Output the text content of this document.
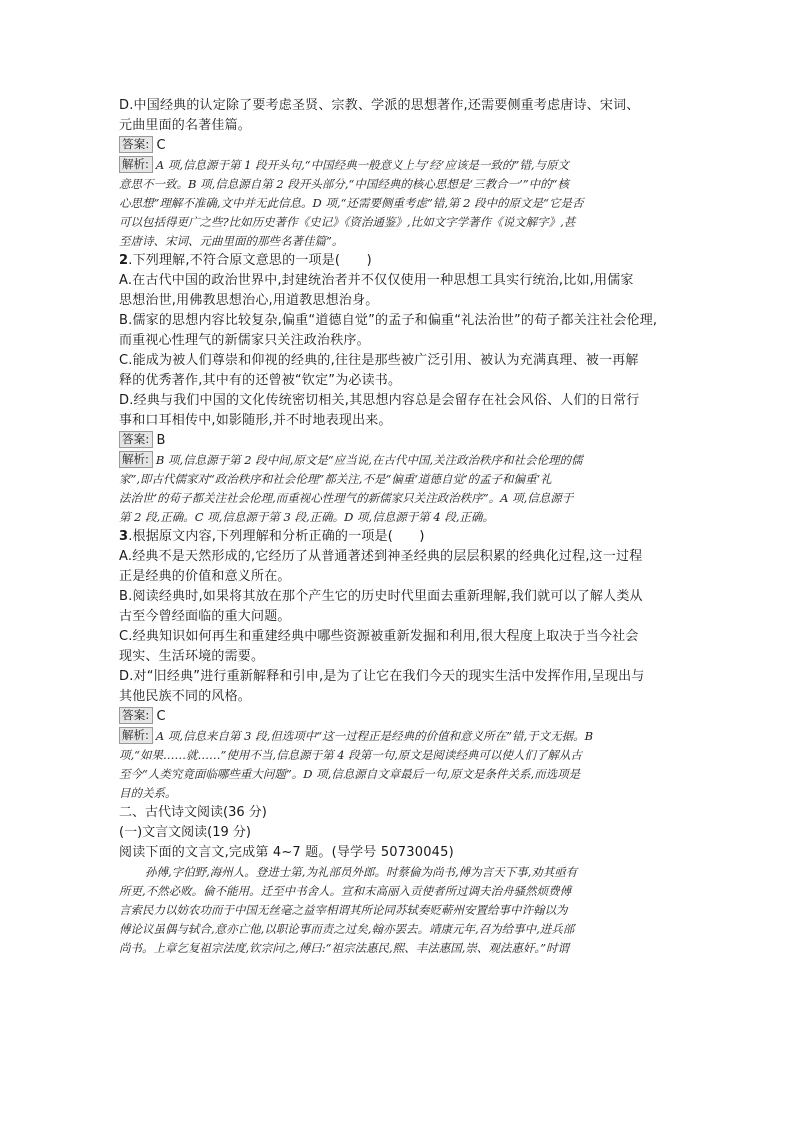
D.中国经典的认定除了要考虑圣贤、宗教、学派的思想著作,还需要侧重考虑唐诗、宋词、

元曲里面的名著佳篇。

答案: C

解析: A 项,信息源于第 1 段开头句,“中国经典一般意义上与‘经’应该是一致的”错,与原文

意思不一致。B 项,信息源自第 2 段开头部分,“中国经典的核心思想是‘三教合一’”中的“核

心思想”理解不准确,文中并无此信息。D 项,“还需要侧重考虑”错,第 2 段中的原文是“它是否

可以包括得更广之些?比如历史著作《史记》《资治通鉴》,比如文字学著作《说文解字》,甚

至唐诗、宋词、元曲里面的那些名著佳篇”。

2.下列理解,不符合原文意思的一项是(　　)

A.在古代中国的政治世界中,封建统治者并不仅仅使用一种思想工具实行统治,比如,用儒家

思想治世,用佛教思想治心,用道教思想治身。

B.儒家的思想内容比较复杂,偏重“道德自觉”的孟子和偏重“礼法治世”的荀子都关注社会伦理,

而重视心性理气的新儒家只关注政治秩序。

C.能成为被人们尊崇和仰视的经典的,往往是那些被广泛引用、被认为充满真理、被一再解

释的优秀著作,其中有的还曾被“钦定”为必读书。

D.经典与我们中国的文化传统密切相关,其思想内容总是会留存在社会风俗、人们的日常行

事和口耳相传中,如影随形,并不时地表现出来。

答案: B

解析: B 项,信息源于第 2 段中间,原文是“应当说,在古代中国,关注政治秩序和社会伦理的儒

家”,即古代儒家对“政治秩序和社会伦理”都关注,不是“偏重‘道德自觉’的孟子和偏重‘礼

法治世’的荀子都关注社会伦理,而重视心性理气的新儒家只关注政治秩序”。A 项,信息源于

第 2 段,正确。C 项,信息源于第 3 段,正确。D 项,信息源于第 4 段,正确。

3.根据原文内容,下列理解和分析正确的一项是(　　)

A.经典不是天然形成的,它经历了从普通著述到神圣经典的层层积累的经典化过程,这一过程

正是经典的价值和意义所在。

B.阅读经典时,如果将其放在那个产生它的历史时代里面去重新理解,我们就可以了解人类从

古至今曾经面临的重大问题。

C.经典知识如何再生和重建经典中哪些资源被重新发掘和利用,很大程度上取决于当今社会

现实、生活环境的需要。

D.对“旧经典”进行重新解释和引申,是为了让它在我们今天的现实生活中发挥作用,呈现出与

其他民族不同的风格。

答案: C

解析: A 项,信息来自第 3 段,但选项中“这一过程正是经典的价值和意义所在”错,于文无据。B

项,“如果……就……”使用不当,信息源于第 4 段第一句,原文是阅读经典可以使人们了解从古

至今“人类究竟面临哪些重大问题”。D 项,信息源自文章最后一句,原文是条件关系,而选项是

目的关系。

二、古代诗文阅读(36 分)

(一)文言文阅读(19 分)

阅读下面的文言文,完成第 4~7 题。(导学号 50730045)

孙傅,字伯野,海州人。登进士第,为礼部员外郎。时蔡倫为尚书,傅为言天下事,劝其亟有

所更,不然必败。倫不能用。迁至中书舍人。宣和末高丽入贡使者所过调夫治舟骚然烦费傅

言索民力以妨农功而于中国无丝毫之益宰相谓其所论同苏轼奏贬蕲州安置给事中许翰以为

傅论议虽偶与轼合,意亦亡他,以职论事而责之过矣,翰亦罢去。靖康元年,召为给事中,进兵部

尚书。上章乞复祖宗法度,钦宗问之,傅曰:“祖宗法惠民,熙、丰法惠国,崇、观法惠奸。”时谓
